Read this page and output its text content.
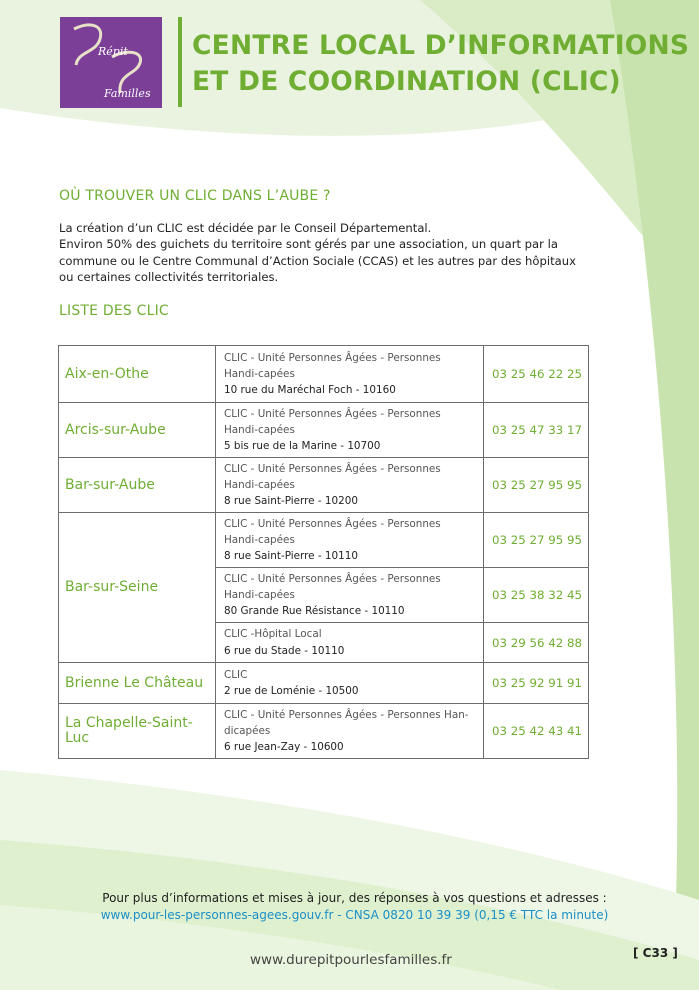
Répit
Familles
CENTRE LOCAL D’INFORMATIONS
ET DE COORDINATION (CLIC)
OÙ TROUVER UN CLIC DANS L’AUBE ?

La création d’un CLIC est décidée par le Conseil Départemental.

Environ 50% des guichets du territoire sont gérés par une association, un quart par la commune ou le Centre Communal d’Action Sociale (CCAS) et les autres par des hôpitaux ou certaines collectivités territoriales.

LISTE DES CLIC
Aix-en-Othe	CLIC - Unité Personnes Âgées - Personnes Handi-capées
10 rue du Maréchal Foch - 10160	03 25 46 22 25
Arcis-sur-Aube	CLIC - Unité Personnes Âgées - Personnes Handi-capées
5 bis rue de la Marine - 10700	03 25 47 33 17
Bar-sur-Aube	CLIC - Unité Personnes Âgées - Personnes Handi-capées
8 rue Saint-Pierre - 10200	03 25 27 95 95
Bar-sur-Seine	CLIC - Unité Personnes Âgées - Personnes Handi-capées
8 rue Saint-Pierre - 10110	03 25 27 95 95

	CLIC - Unité Personnes Âgées - Personnes Handi-capées
80 Grande Rue Résistance - 10110	03 25 38 32 45

	CLIC -Hôpital Local
6 rue du Stade - 10110	03 29 56 42 88
Brienne Le Château	CLIC
2 rue de Loménie - 10500	03 25 92 91 91
La Chapelle-Saint-Luc	CLIC - Unité Personnes Âgées - Personnes Han-dicapées
6 rue Jean-Zay - 10600	03 25 42 43 41
Pour plus d’informations et mises à jour, des réponses à vos questions et adresses :
www.pour-les-personnes-agees.gouv.fr - CNSA 0820 10 39 39 (0,15 € TTC la minute)
www.durepitpourlesfamilles.fr	[ C33 ]
